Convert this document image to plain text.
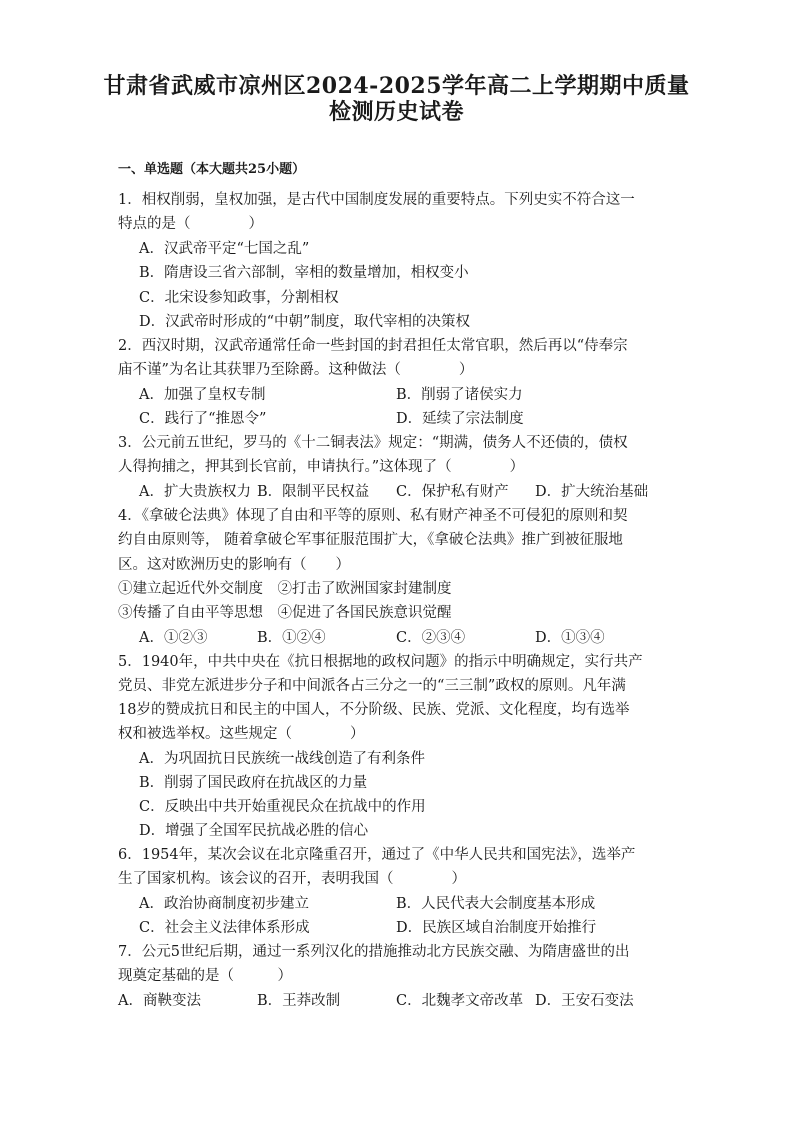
甘肃省武威市凉州区2024-2025学年高二上学期期中质量
检测历史试卷
一、单选题（本大题共25小题）
1．相权削弱，皇权加强，是古代中国制度发展的重要特点。下列史实不符合这一
特点的是（　　　　）
A．汉武帝平定“七国之乱”
B．隋唐设三省六部制，宰相的数量增加，相权变小
C．北宋设参知政事，分割相权
D．汉武帝时形成的“中朝”制度，取代宰相的决策权
2．西汉时期，汉武帝通常任命一些封国的封君担任太常官职，然后再以“侍奉宗
庙不谨”为名让其获罪乃至除爵。这种做法（　　　　）
A．加强了皇权专制	B．削弱了诸侯实力
C．践行了“推恩令”	D．延续了宗法制度
3．公元前五世纪，罗马的《十二铜表法》规定：“期满，债务人不还债的，债权
人得拘捕之，押其到长官前，申请执行。”这体现了（　　　　）
A．扩大贵族权力 B．限制平民权益 C．保护私有财产 D．扩大统治基础
4．《拿破仑法典》体现了自由和平等的原则、私有财产神圣不可侵犯的原则和契
约自由原则等， 随着拿破仑军事征服范围扩大，《拿破仑法典》推广到被征服地
区。这对欧洲历史的影响有（　　）
①建立起近代外交制度　②打击了欧洲国家封建制度
③传播了自由平等思想　④促进了各国民族意识觉醒
A．①②③	B．①②④	C．②③④	D．①③④
5．1940年，中共中央在《抗日根据地的政权问题》的指示中明确规定，实行共产
党员、非党左派进步分子和中间派各占三分之一的“三三制”政权的原则。凡年满
18岁的赞成抗日和民主的中国人，不分阶级、民族、党派、文化程度，均有选举
权和被选举权。这些规定（　　　　）
A．为巩固抗日民族统一战线创造了有利条件
B．削弱了国民政府在抗战区的力量
C．反映出中共开始重视民众在抗战中的作用
D．增强了全国军民抗战必胜的信心
6．1954年，某次会议在北京隆重召开，通过了《中华人民共和国宪法》，选举产
生了国家机构。该会议的召开，表明我国（　　　　）
A．政治协商制度初步建立	B．人民代表大会制度基本形成
C．社会主义法律体系形成	D．民族区域自治制度开始推行
7．公元5世纪后期，通过一系列汉化的措施推动北方民族交融、为隋唐盛世的出
现奠定基础的是（　　　）
A．商鞅变法	B．王莽改制	C．北魏孝文帝改革 D．王安石变法
